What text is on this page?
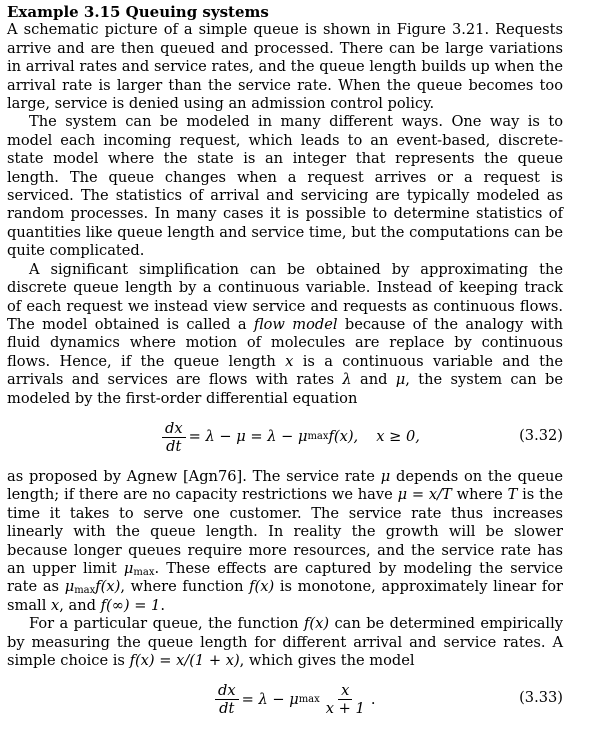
Example 3.15 Queuing systems

A schematic picture of a simple queue is shown in Figure 3.21. Requests arrive and are then queued and processed. There can be large variations in arrival rates and service rates, and the queue length builds up when the arrival rate is larger than the service rate. When the queue becomes too large, service is denied using an admission control policy.

The system can be modeled in many different ways. One way is to model each incoming request, which leads to an event-based, discrete-state model where the state is an integer that represents the queue length. The queue changes when a request arrives or a request is serviced. The statistics of arrival and servicing are typically modeled as random processes. In many cases it is possible to determine statistics of quantities like queue length and service time, but the computations can be quite complicated.

A significant simplification can be obtained by approximating the discrete queue length by a continuous variable. Instead of keeping track of each request we instead view service and requests as continuous flows. The model obtained is called a flow model because of the analogy with fluid dynamics where motion of molecules are replace by continuous flows. Hence, if the queue length x is a continuous variable and the arrivals and services are flows with rates λ and μ, the system can be modeled by the first-order differential equation

$\frac{dx}{dt} = \lambda - \mu = \lambda - \mu$ max f(x), x ≥ 0,	(3.32)

as proposed by Agnew [Agn76]. The service rate μ depends on the queue length; if there are no capacity restrictions we have μ = x/T where T is the time it takes to serve one customer. The service rate thus increases linearly with the queue length. In reality the growth will be slower because longer queues require more resources, and the service rate has an upper limit $\mu_{max}$. These effects are captured by modeling the service rate as $\mu_{max}f(x)$, where function f(x) is monotone, approximately linear for small x, and f(∞) = 1.

For a particular queue, the function f(x) can be determined empirically by measuring the queue length for different arrival and service rates. A simple choice is f(x) = x/(1 + x), which gives the model

$\frac{dx}{dt} = \lambda - \mu$ $\max \frac{x}{x + 1}$ .	(3.33)
